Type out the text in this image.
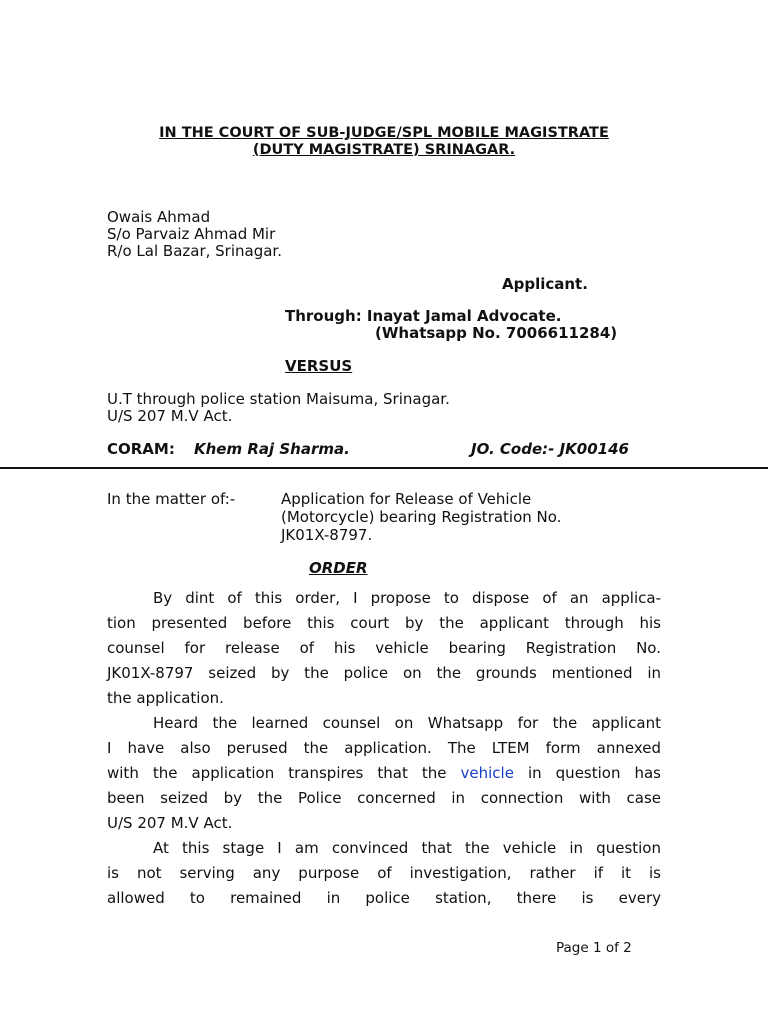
IN THE COURT OF SUB-JUDGE/SPL MOBILE MAGISTRATE
(DUTY MAGISTRATE) SRINAGAR.
Owais Ahmad
S/o Parvaiz Ahmad Mir
R/o Lal Bazar, Srinagar.
Applicant.
Through: Inayat Jamal Advocate.
(Whatsapp No. 7006611284)
VERSUS
U.T through police station Maisuma, Srinagar.
U/S 207 M.V Act.
CORAM: Khem Raj Sharma.	JO. Code:- JK00146
In the matter of:-	Application for Release of Vehicle
(Motorcycle) bearing Registration No.
JK01X-8797.
ORDER
By dint of this order, I propose to dispose of an applica-
tion presented before this court by the applicant through his
counsel for release of his vehicle bearing Registration No.
JK01X-8797 seized by the police on the grounds mentioned in
the application.
Heard the learned counsel on Whatsapp for the applicant
I have also perused the application. The LTEM form annexed
with the application transpires that the vehicle in question has
been seized by the Police concerned in connection with case
U/S 207 M.V Act.
At this stage I am convinced that the vehicle in question
is not serving any purpose of investigation, rather if it is
allowed to remained in police station, there is every
Page 1 of 2
